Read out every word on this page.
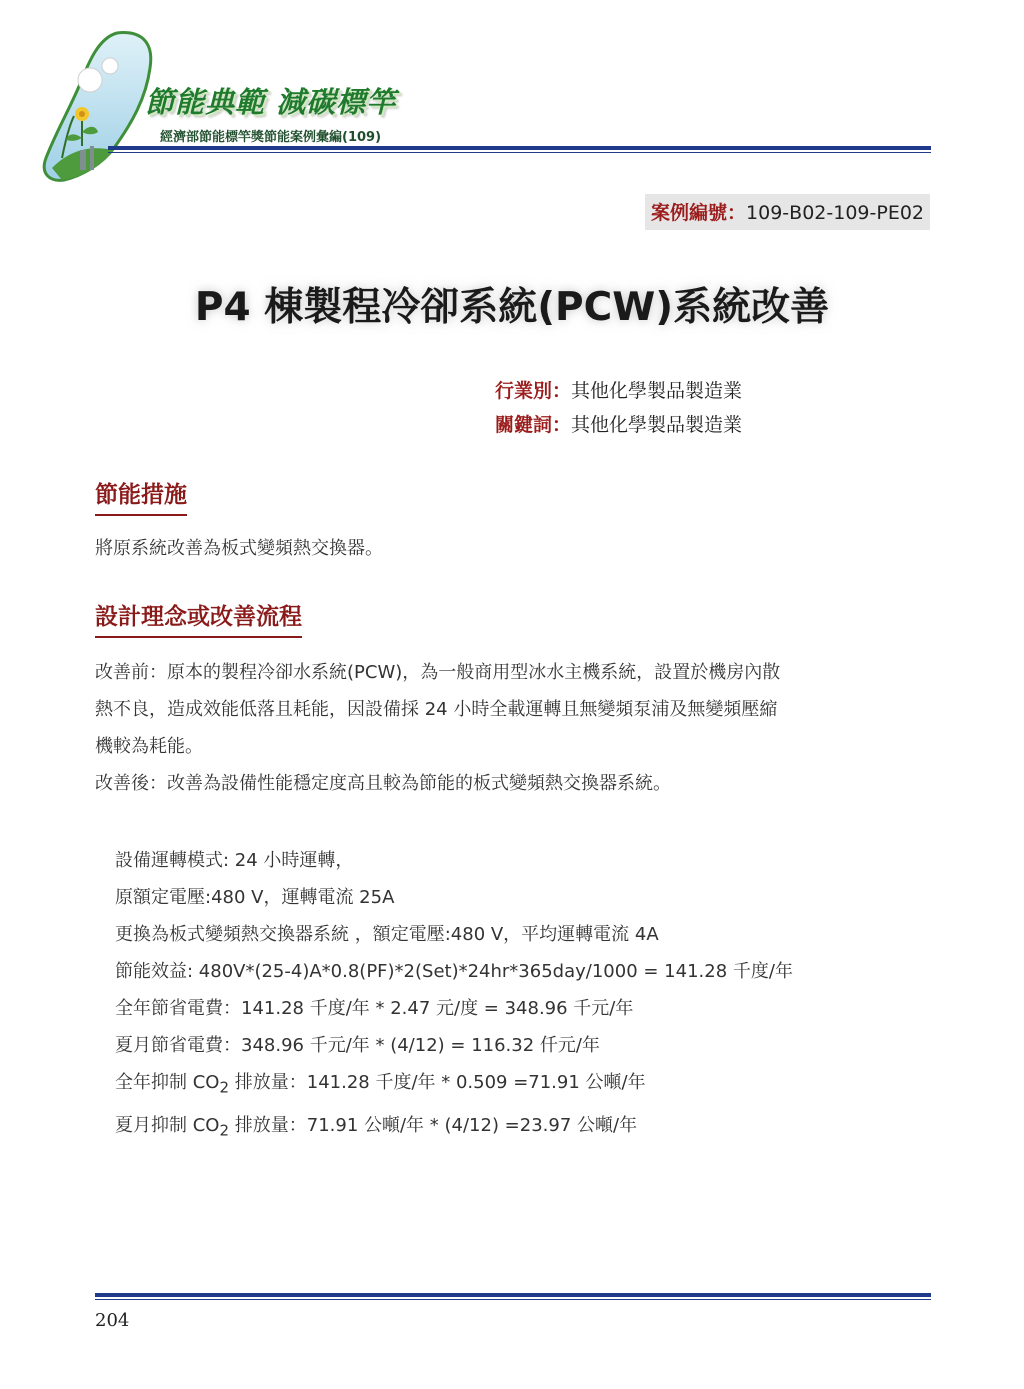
節能典範 減碳標竿
經濟部節能標竿獎節能案例彙編(109)
案例編號：109-B02-109-PE02
P4 棟製程冷卻系統(PCW)系統改善
行業別：其他化學製品製造業
關鍵詞：其他化學製品製造業
節能措施
將原系統改善為板式變頻熱交換器。
設計理念或改善流程
改善前：原本的製程冷卻水系統(PCW)，為一般商用型冰水主機系統，設置於機房內散
熱不良，造成效能低落且耗能，因設備採 24 小時全載運轉且無變頻泵浦及無變頻壓縮
機較為耗能。
改善後：改善為設備性能穩定度高且較為節能的板式變頻熱交換器系統。
設備運轉模式: 24 小時運轉，
原額定電壓:480 V，運轉電流 25A
更換為板式變頻熱交換器系統 ，額定電壓:480 V，平均運轉電流 4A
節能效益: 480V*(25-4)A*0.8(PF)*2(Set)*24hr*365day/1000 = 141.28 千度/年
全年節省電費：141.28 千度/年 * 2.47 元/度 = 348.96 千元/年
夏月節省電費：348.96 千元/年 * (4/12) = 116.32 仟元/年
全年抑制 $CO_2$ 排放量：141.28 千度/年 * 0.509 =71.91 公噸/年
夏月抑制 $CO_2$ 排放量：71.91 公噸/年 * (4/12) =23.97 公噸/年
204
